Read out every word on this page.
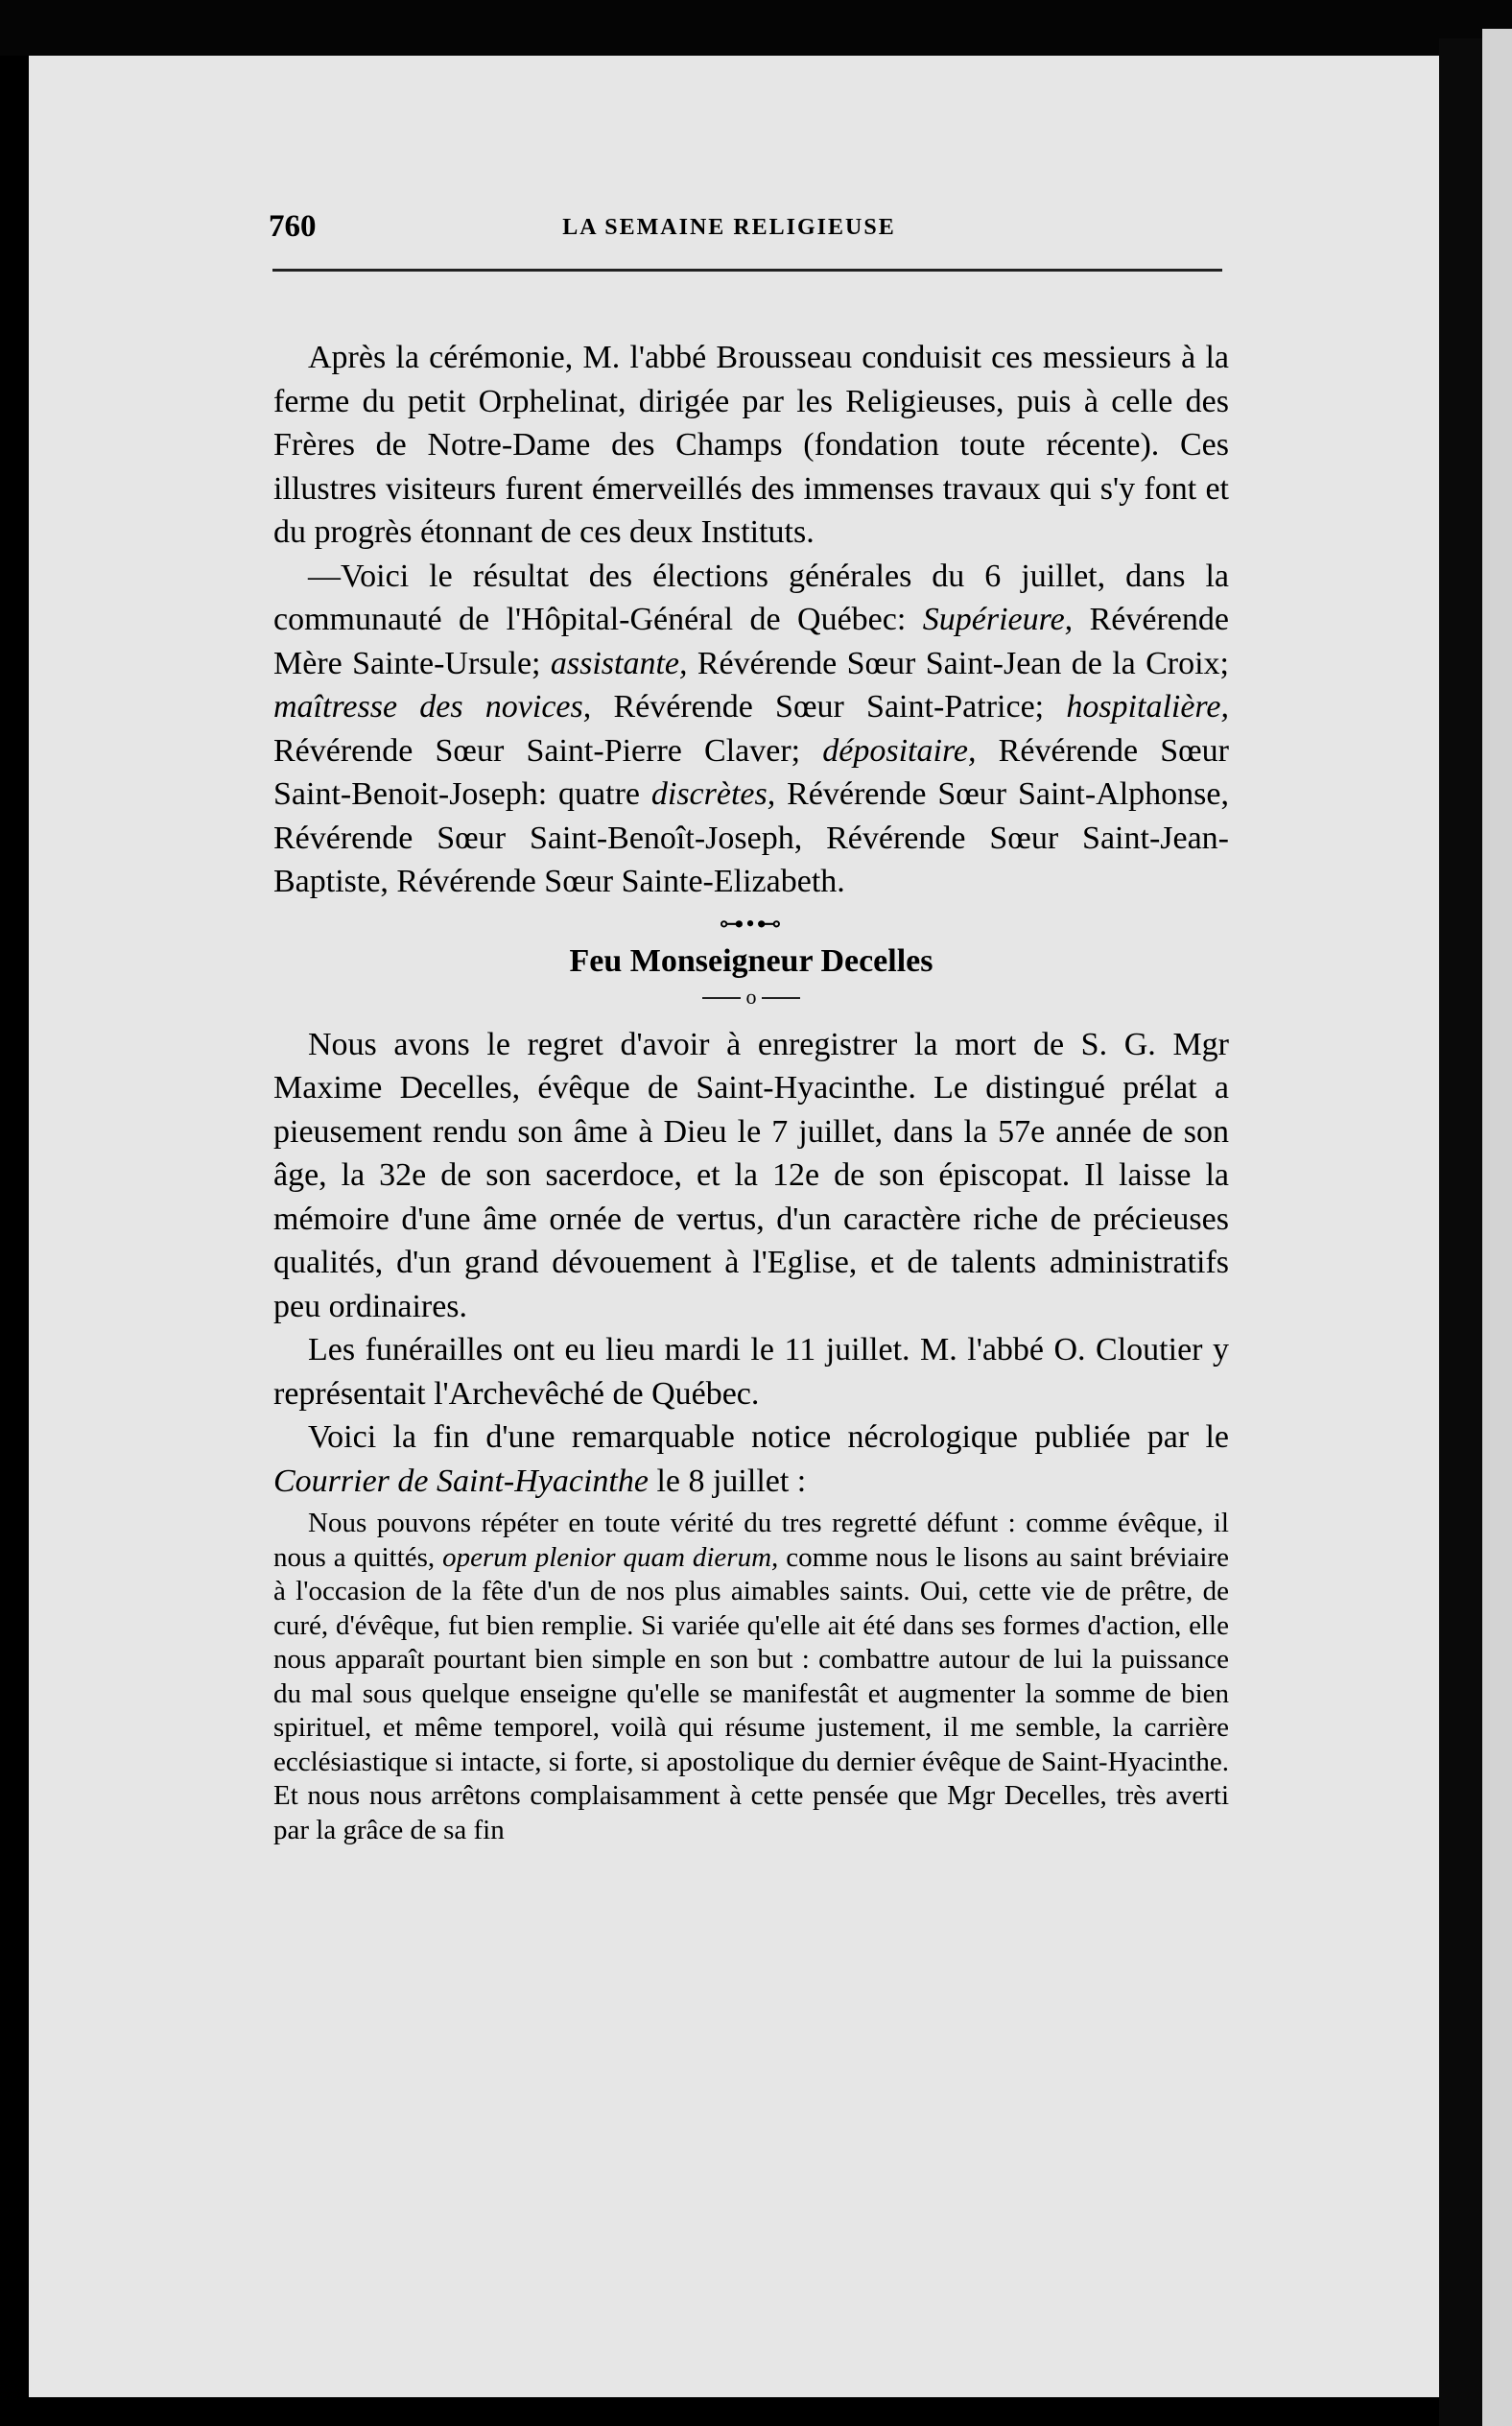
760	LA SEMAINE RELIGIEUSE

Après la cérémonie, M. l'abbé Brousseau conduisit ces messieurs à la ferme du petit Orphelinat, dirigée par les Religieuses, puis à celle des Frères de Notre-Dame des Champs (fondation toute récente). Ces illustres visiteurs furent émerveillés des immenses travaux qui s'y font et du progrès étonnant de ces deux Instituts.

—Voici le résultat des élections générales du 6 juillet, dans la communauté de l'Hôpital-Général de Québec: Supérieure, Révérende Mère Sainte-Ursule; assistante, Révérende Sœur Saint-Jean de la Croix; maîtresse des novices, Révérende Sœur Saint-Patrice; hospitalière, Révérende Sœur Saint-Pierre Claver; dépositaire, Révérende Sœur Saint-Benoit-Joseph: quatre discrètes, Révérende Sœur Saint-Alphonse, Révérende Sœur Saint-Benoît-Joseph, Révérende Sœur Saint-Jean-Baptiste, Révérende Sœur Sainte-Elizabeth.

⊶•⊷
Feu Monseigneur Decelles
o

Nous avons le regret d'avoir à enregistrer la mort de S. G. Mgr Maxime Decelles, évêque de Saint-Hyacinthe. Le distingué prélat a pieusement rendu son âme à Dieu le 7 juillet, dans la 57e année de son âge, la 32e de son sacerdoce, et la 12e de son épiscopat. Il laisse la mémoire d'une âme ornée de vertus, d'un caractère riche de précieuses qualités, d'un grand dévouement à l'Eglise, et de talents administratifs peu ordinaires.

Les funérailles ont eu lieu mardi le 11 juillet. M. l'abbé O. Cloutier y représentait l'Archevêché de Québec.

Voici la fin d'une remarquable notice nécrologique publiée par le Courrier de Saint-Hyacinthe le 8 juillet :

Nous pouvons répéter en toute vérité du tres regretté défunt : comme évêque, il nous a quittés, operum plenior quam dierum, comme nous le lisons au saint bréviaire à l'occasion de la fête d'un de nos plus aimables saints. Oui, cette vie de prêtre, de curé, d'évêque, fut bien remplie. Si variée qu'elle ait été dans ses formes d'action, elle nous apparaît pourtant bien simple en son but : combattre autour de lui la puissance du mal sous quelque enseigne qu'elle se manifestât et augmenter la somme de bien spirituel, et même temporel, voilà qui résume justement, il me semble, la carrière ecclésiastique si intacte, si forte, si apostolique du dernier évêque de Saint-Hyacinthe. Et nous nous arrêtons complaisamment à cette pensée que Mgr Decelles, très averti par la grâce de sa fin
